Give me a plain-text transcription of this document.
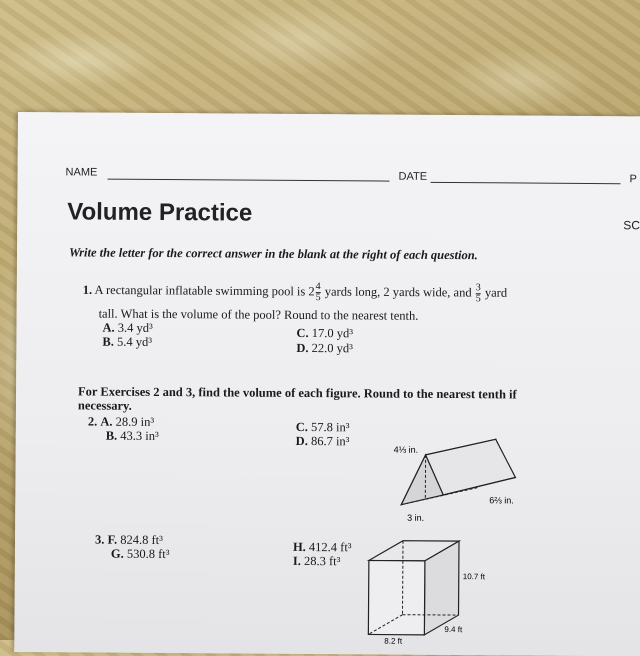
NAME	DATE	P
Volume Practice	SC
Write the letter for the correct answer in the blank at the right of each question.
1. A rectangular inflatable swimming pool is $2 \frac{4}{5}$ yards long, 2 yards wide, and $\frac{3}{5}$ yard
tall. What is the volume of the pool? Round to the nearest tenth.
A. 3.4 yd³
B. 5.4 yd³
C. 17.0 yd³
D. 22.0 yd³
For Exercises 2 and 3, find the volume of each figure. Round to the nearest tenth if
necessary.
2. A. 28.9 in³
B. 43.3 in³
C. 57.8 in³
D. 86.7 in³
4⅓ in.
6⅔ in.
3 in.
3. F. 824.8 ft³
G. 530.8 ft³	H. 412.4 ft³
I. 28.3 ft³
10.7 ft
9.4 ft
8.2 ft
